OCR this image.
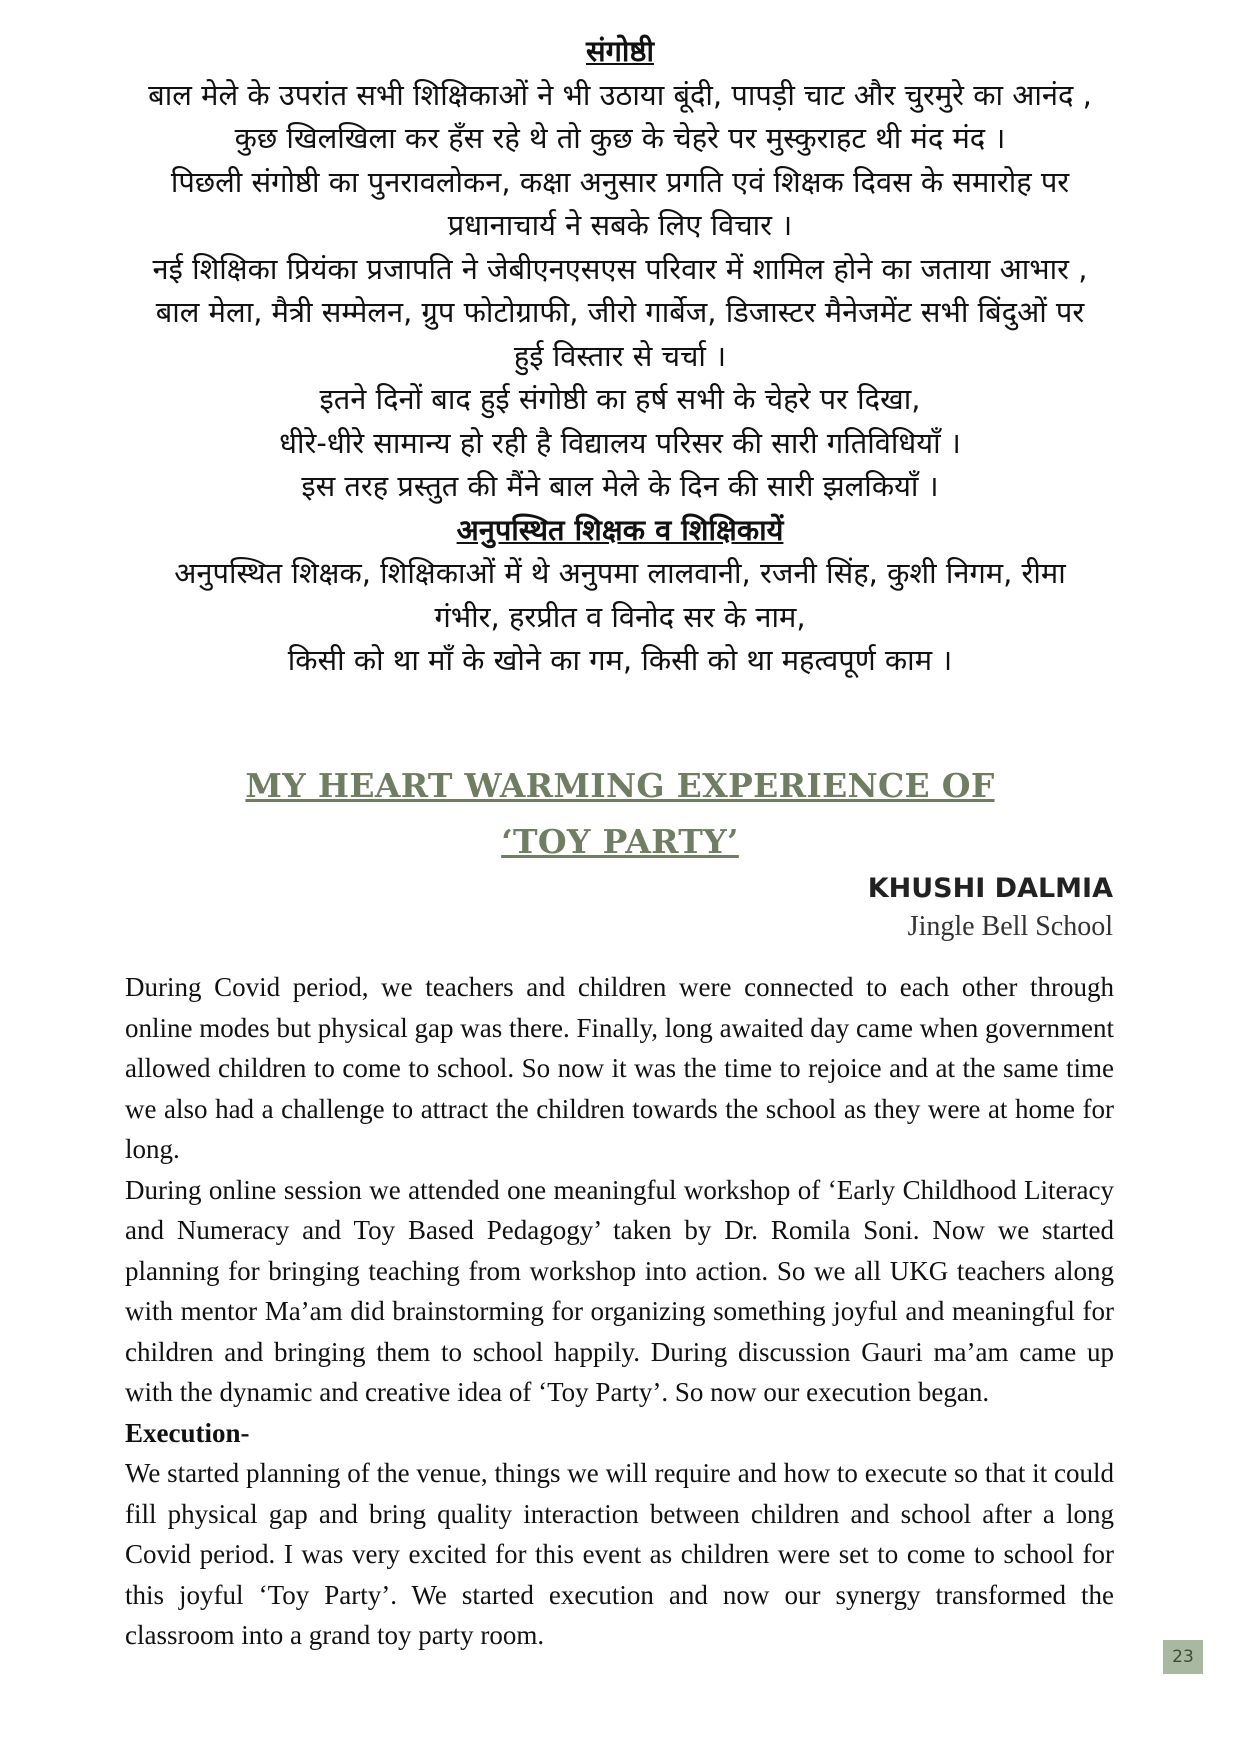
संगोष्ठी

बाल मेले के उपरांत सभी शिक्षिकाओं ने भी उठाया बूंदी, पापड़ी चाट और चुरमुरे का आनंद ,

कुछ खिलखिला कर हँस रहे थे तो कुछ के चेहरे पर मुस्कुराहट थी मंद मंद ।

पिछली संगोष्ठी का पुनरावलोकन, कक्षा अनुसार प्रगति एवं शिक्षक दिवस के समारोह पर

प्रधानाचार्य ने सबके लिए विचार ।

नई शिक्षिका प्रियंका प्रजापति ने जेबीएनएसएस परिवार में शामिल होने का जताया आभार ,

बाल मेला, मैत्री सम्मेलन, ग्रुप फोटोग्राफी, जीरो गार्बेज, डिजास्टर मैनेजमेंट सभी बिंदुओं पर

हुई विस्तार से चर्चा ।

इतने दिनों बाद हुई संगोष्ठी का हर्ष सभी के चेहरे पर दिखा,

धीरे-धीरे सामान्य हो रही है विद्यालय परिसर की सारी गतिविधियाँ ।

इस तरह प्रस्तुत की मैंने बाल मेले के दिन की सारी झलकियाँ ।

अनुपस्थित शिक्षक व शिक्षिकायें

अनुपस्थित शिक्षक, शिक्षिकाओं में थे अनुपमा लालवानी, रजनी सिंह, कुशी निगम, रीमा

गंभीर, हरप्रीत व विनोद सर के नाम,

किसी को था माँ के खोने का गम, किसी को था महत्वपूर्ण काम ।

MY HEART WARMING EXPERIENCE OF

‘TOY PARTY’

KHUSHI DALMIA
Jingle Bell School

During Covid period, we teachers and children were connected to each other through online modes but physical gap was there. Finally, long awaited day came when government allowed children to come to school. So now it was the time to rejoice and at the same time we also had a challenge to attract the children towards the school as they were at home for long.

During online session we attended one meaningful workshop of ‘Early Childhood Literacy and Numeracy and Toy Based Pedagogy’ taken by Dr. Romila Soni. Now we started planning for bringing teaching from workshop into action. So we all UKG teachers along with mentor Ma’am did brainstorming for organizing something joyful and meaningful for children and bringing them to school happily. During discussion Gauri ma’am came up with the dynamic and creative idea of ‘Toy Party’. So now our execution began.

Execution-

We started planning of the venue, things we will require and how to execute so that it could fill physical gap and bring quality interaction between children and school after a long Covid period. I was very excited for this event as children were set to come to school for this joyful ‘Toy Party’. We started execution and now our synergy transformed the classroom into a grand toy party room.

23
